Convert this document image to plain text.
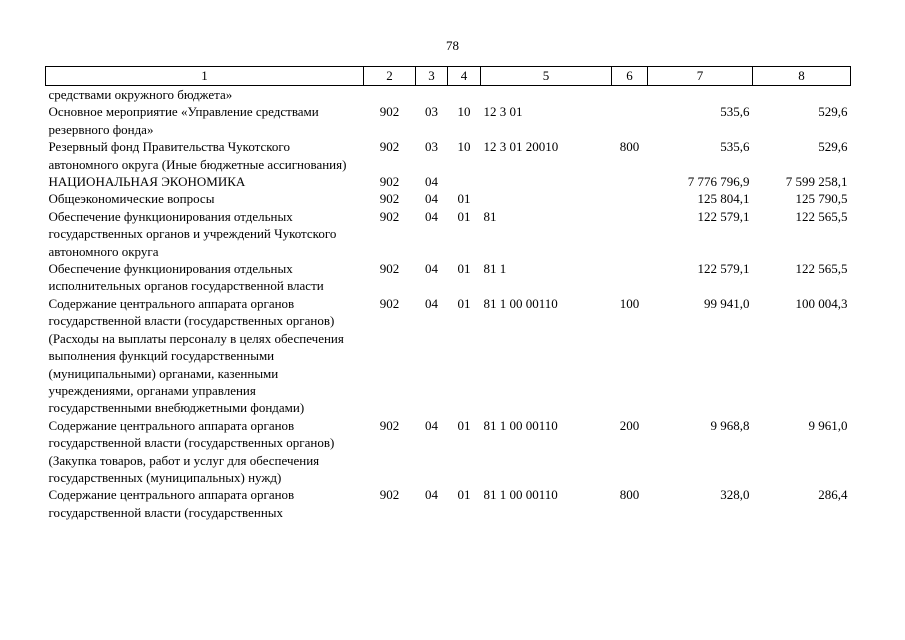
78
1	2	3	4	5	6	7	8
средствами окружного бюджета»							
Основное мероприятие «Управление средствами резервного фонда»	902	03	10	12 3 01		535,6	529,6
Резервный фонд Правительства Чукотского автономного округа (Иные бюджетные ассигнования)	902	03	10	12 3 01 20010	800	535,6	529,6
НАЦИОНАЛЬНАЯ ЭКОНОМИКА	902	04				7 776 796,9	7 599 258,1
Общеэкономические вопросы	902	04	01			125 804,1	125 790,5
Обеспечение функционирования отдельных государственных органов и учреждений Чукотского автономного округа	902	04	01	81		122 579,1	122 565,5
Обеспечение функционирования отдельных исполнительных органов государственной власти	902	04	01	81 1		122 579,1	122 565,5
Содержание центрального аппарата органов государственной власти (государственных органов) (Расходы на выплаты персоналу в целях обеспечения выполнения функций государственными (муниципальными) органами, казенными учреждениями, органами управления государственными внебюджетными фондами)	902	04	01	81 1 00 00110	100	99 941,0	100 004,3
Содержание центрального аппарата органов государственной власти (государственных органов) (Закупка товаров, работ и услуг для обеспечения государственных (муниципальных) нужд)	902	04	01	81 1 00 00110	200	9 968,8	9 961,0
Содержание центрального аппарата органов государственной власти (государственных	902	04	01	81 1 00 00110	800	328,0	286,4
